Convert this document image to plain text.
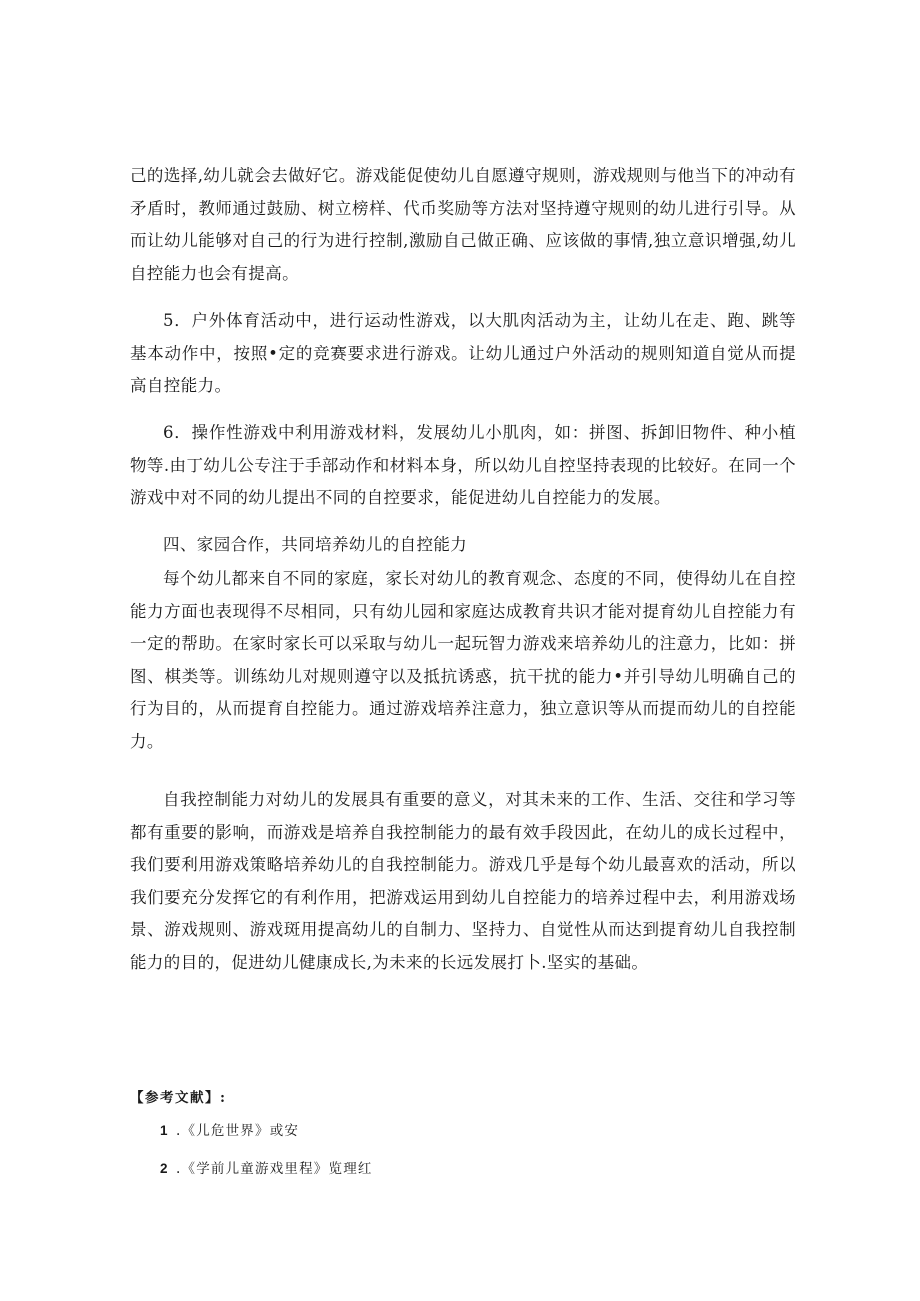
己的选择,幼儿就会去做好它。游戏能促使幼儿自愿遵守规则，游戏规则与他当下的冲动有矛盾时，教师通过鼓励、树立榜样、代币奖励等方法对坚持遵守规则的幼儿进行引导。从而让幼儿能够对自己的行为进行控制,激励自己做正确、应该做的事情,独立意识增强,幼儿自控能力也会有提高。

5．户外体育活动中，进行运动性游戏，以大肌肉活动为主，让幼儿在走、跑、跳等基本动作中，按照•定的竞赛要求进行游戏。让幼儿通过户外活动的规则知道自觉从而提高自控能力。

6．操作性游戏中利用游戏材料，发展幼儿小肌肉，如：拼图、拆卸旧物件、种小植物等.由丁幼儿公专注于手部动作和材料本身，所以幼儿自控坚持表现的比较好。在同一个游戏中对不同的幼儿提出不同的自控要求，能促进幼儿自控能力的发展。

四、家园合作，共同培养幼儿的自控能力

每个幼儿都来自不同的家庭，家长对幼儿的教育观念、态度的不同，使得幼儿在自控能力方面也表现得不尽相同，只有幼儿园和家庭达成教育共识才能对提育幼儿自控能力有一定的帮助。在家时家长可以采取与幼儿一起玩智力游戏来培养幼儿的注意力，比如：拼图、棋类等。训练幼儿对规则遵守以及抵抗诱惑，抗干扰的能力•并引导幼儿明确自己的行为目的，从而提育自控能力。通过游戏培养注意力，独立意识等从而提而幼儿的自控能力。

自我控制能力对幼儿的发展具有重要的意义，对其未来的工作、生活、交往和学习等都有重要的影响，而游戏是培养自我控制能力的最有效手段因此，在幼儿的成长过程中，我们要利用游戏策略培养幼儿的自我控制能力。游戏几乎是每个幼儿最喜欢的活动，所以我们要充分发挥它的有利作用，把游戏运用到幼儿自控能力的培养过程中去，利用游戏场景、游戏规则、游戏斑用提高幼儿的自制力、坚持力、自觉性从而达到提育幼儿自我控制能力的目的，促进幼儿健康成长,为未来的长远发展打卜.坚实的基础。

【参考文献】:
1 .《儿危世界》或安
2 .《学前儿童游戏里程》览理红
